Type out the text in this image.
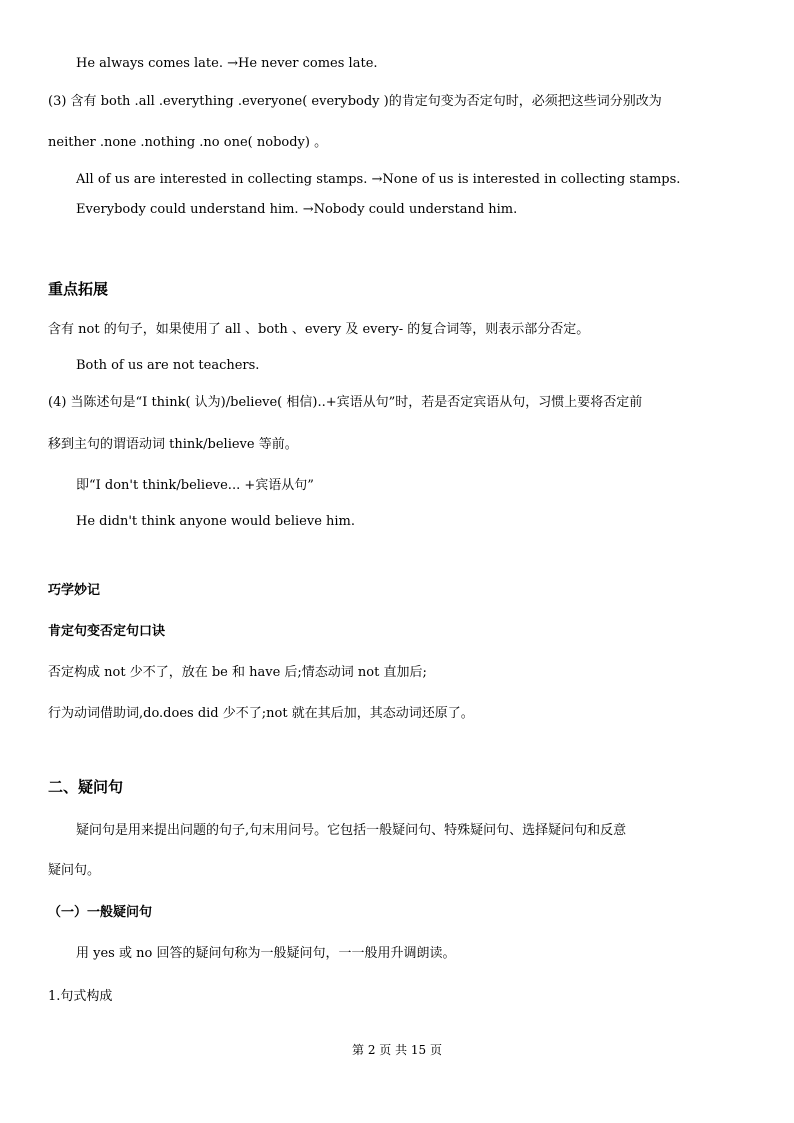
He always comes late. →He never comes late.
(3) 含有 both .all .everything .everyone( everybody )的肯定句变为否定句时，必须把这些词分别改为
neither .none .nothing .no one( nobody) 。
All of us are interested in collecting stamps. →None of us is interested in collecting stamps.
Everybody could understand him. →Nobody could understand him.
重点拓展
含有 not 的句子，如果使用了 all 、both 、every 及 every- 的复合词等，则表示部分否定。
Both of us are not teachers.
(4) 当陈述句是“I think( 认为)/believe( 相信)..+宾语从句”时，若是否定宾语从句，习惯上要将否定前
移到主句的谓语动词 think/believe 等前。
即“I don't think/believe... +宾语从句”
He didn't think anyone would believe him.
巧学妙记
肯定句变否定句口诀
否定构成 not 少不了，放在 be 和 have 后;情态动词 not 直加后;
行为动词借助词,do.does did 少不了;not 就在其后加，其态动词还原了。
二、疑问句
疑问句是用来提出问题的句子,句末用问号。它包括一般疑问句、特殊疑问句、选择疑问句和反意
疑问句。
（一）一般疑问句
用 yes 或 no 回答的疑问句称为一般疑问句，一一般用升调朗读。
1.句式构成
第 2 页 共 15 页
